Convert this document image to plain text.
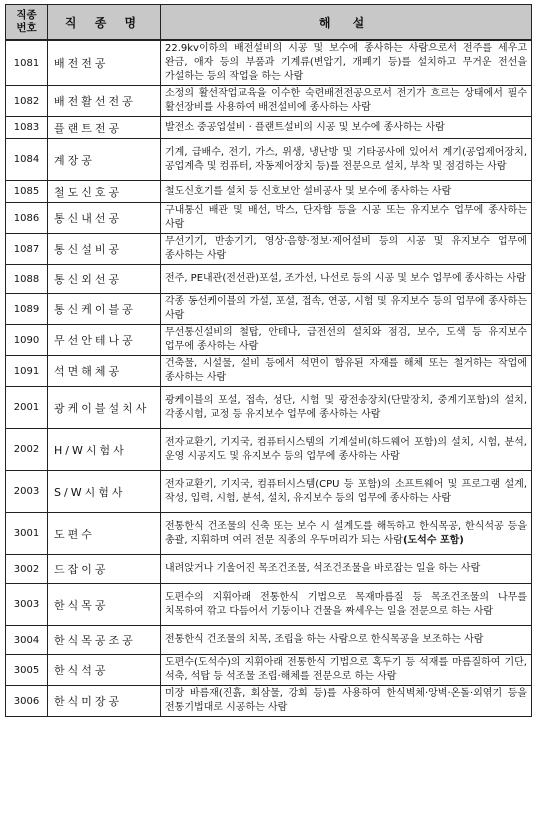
직종
번호	직 종 명	해 설
1081	배전전공	22.9kv이하의 배전설비의 시공 및 보수에 종사하는 사람으로서 전주를 세우고 완금, 애자 등의 부품과 기계류(변압기, 개폐기 등)를 설치하고 무거운 전선을 가설하는 등의 작업을 하는 사람
1082	배전활선전공	소정의 활선작업교육을 이수한 숙련배전전공으로서 전기가 흐르는 상태에서 필수 활선장비를 사용하여 배전설비에 종사하는 사람
1083	플랜트전공	발전소 중공업설비 · 플랜트설비의 시공 및 보수에 종사하는 사람
1084	계장공	기계, 급배수, 전기, 가스, 위생, 냉난방 및 기타공사에 있어서 계기(공업제어장치, 공업계측 및 컴퓨터, 자동제어장치 등)를 전문으로 설치, 부착 및 점검하는 사람
1085	철도신호공	철도신호기를 설치 등 신호보안 설비공사 및 보수에 종사하는 사람
1086	통신내선공	구내통신 배관 및 배선, 박스, 단자함 등을 시공 또는 유지보수 업무에 종사하는 사람
1087	통신설비공	무선기기, 반송기기, 영상·음향·정보·제어설비 등의 시공 및 유지보수 업무에 종사하는 사람
1088	통신외선공	전주, PE내관(전선관)포설, 조가선, 나선로 등의 시공 및 보수 업무에 종사하는 사람
1089	통신케이블공	각종 동선케이블의 가설, 포설, 접속, 연공, 시험 및 유지보수 등의 업무에 종사하는 사람
1090	무선안테나공	무선통신설비의 철탑, 안테나, 급전선의 설치와 점검, 보수, 도색 등 유지보수 업무에 종사하는 사람
1091	석면해체공	건축물, 시설물, 설비 등에서 석면이 함유된 자재를 해체 또는 철거하는 작업에 종사하는 사람
2001	광케이블설치사	광케이블의 포설, 접속, 성단, 시험 및 광전송장치(단말장치, 중계기포함)의 설치, 각종시험, 교정 등 유지보수 업무에 종사하는 사람
2002	H/W시험사	전자교환기, 기지국, 컴퓨터시스템의 기계설비(하드웨어 포함)의 설치, 시험, 분석, 운영 시공지도 및 유지보수 등의 업무에 종사하는 사람
2003	S/W시험사	전자교환기, 기지국, 컴퓨터시스템(CPU 등 포함)의 소프트웨어 및 프로그램 설계, 작성, 입력, 시험, 분석, 설치, 유지보수 등의 업무에 종사하는 사람
3001	도편수	전통한식 건조물의 신축 또는 보수 시 설계도를 해독하고 한식목공, 한식석공 등을 총괄, 지휘하며 여러 전문 직종의 우두머리가 되는 사람(도석수 포함)
3002	드잡이공	내려앉거나 기울어진 목조건조물, 석조건조물을 바로잡는 일을 하는 사람
3003	한식목공	도편수의 지휘아래 전통한식 기법으로 목재마름질 등 목조건조물의 나무를 치목하여 깎고 다듬어서 기둥이나 건물을 짜세우는 일을 전문으로 하는 사람
3004	한식목공조공	전통한식 건조물의 치목, 조립을 하는 사람으로 한식목공을 보조하는 사람
3005	한식석공	도편수(도석수)의 지휘아래 전통한식 기법으로 혹두기 등 석재를 마름질하여 기단, 석축, 석탑 등 석조물 조립·해체를 전문으로 하는 사람
3006	한식미장공	미장 바름재(진흙, 회삼물, 강회 등)를 사용하여 한식벽체·앙벽·온돌·외엮기 등을 전통기법대로 시공하는 사람
